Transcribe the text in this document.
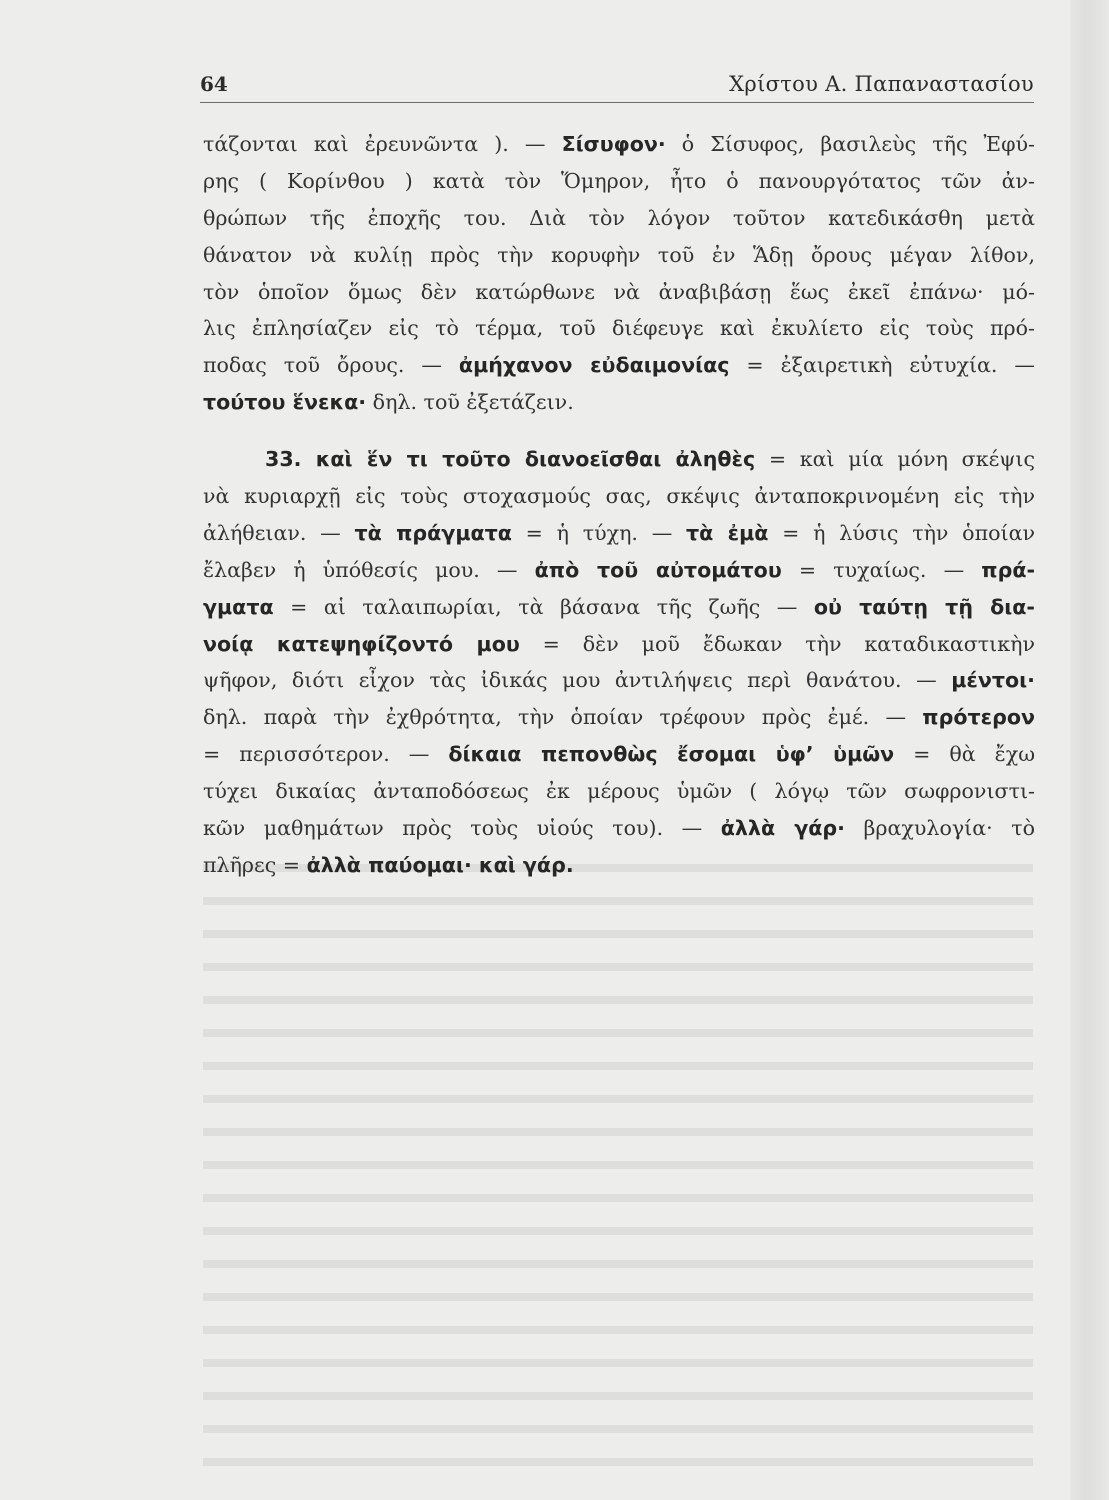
64	Χρίστου Α. Παπαναστασίου
τάζονται καὶ ἐρευνῶντα ). — Σίσυφον· ὁ Σίσυφος, βασιλεὺς τῆς Ἐφύ-
ρης ( Κορίνθου ) κατὰ τὸν Ὅμηρον, ἦτο ὁ πανουργότατος τῶν ἀν-
θρώπων τῆς ἐποχῆς του. Διὰ τὸν λόγον τοῦτον κατεδικάσθη μετὰ
θάνατον νὰ κυλίῃ πρὸς τὴν κορυφὴν τοῦ ἐν Ἅδῃ ὄρους μέγαν λίθον,
τὸν ὁποῖον ὅμως δὲν κατώρθωνε νὰ ἀναβιβάσῃ ἕως ἐκεῖ ἐπάνω· μό-
λις ἐπλησίαζεν εἰς τὸ τέρμα, τοῦ διέφευγε καὶ ἐκυλίετο εἰς τοὺς πρό-
ποδας τοῦ ὄρους. — ἀμήχανον εὐδαιμονίας = ἐξαιρετικὴ εὐτυχία. —
τούτου ἕνεκα· δηλ. τοῦ ἐξετάζειν.
33. καὶ ἕν τι τοῦτο διανοεῖσθαι ἀληθὲς = καὶ μία μόνη σκέψις
νὰ κυριαρχῇ εἰς τοὺς στοχασμούς σας, σκέψις ἀνταποκρινομένη εἰς τὴν
ἀλήθειαν. — τὰ πράγματα = ἡ τύχη. — τὰ ἐμὰ = ἡ λύσις τὴν ὁποίαν
ἔλαβεν ἡ ὑπόθεσίς μου. — ἀπὸ τοῦ αὐτομάτου = τυχαίως. — πρά-
γματα = αἱ ταλαιπωρίαι, τὰ βάσανα τῆς ζωῆς — οὐ ταύτῃ τῇ δια-
νοίᾳ κατεψηφίζοντό μου = δὲν μοῦ ἔδωκαν τὴν καταδικαστικὴν
ψῆφον, διότι εἶχον τὰς ἰδικάς μου ἀντιλήψεις περὶ θανάτου. — μέντοι·
δηλ. παρὰ τὴν ἐχθρότητα, τὴν ὁποίαν τρέφουν πρὸς ἐμέ. — πρότερον
= περισσότερον. — δίκαια πεπονθὼς ἔσομαι ὑφ’ ὑμῶν = θὰ ἔχω
τύχει δικαίας ἀνταποδόσεως ἐκ μέρους ὑμῶν ( λόγῳ τῶν σωφρονιστι-
κῶν μαθημάτων πρὸς τοὺς υἱούς του). — ἀλλὰ γάρ· βραχυλογία· τὸ
πλῆρες = ἀλλὰ παύομαι· καὶ γάρ.
